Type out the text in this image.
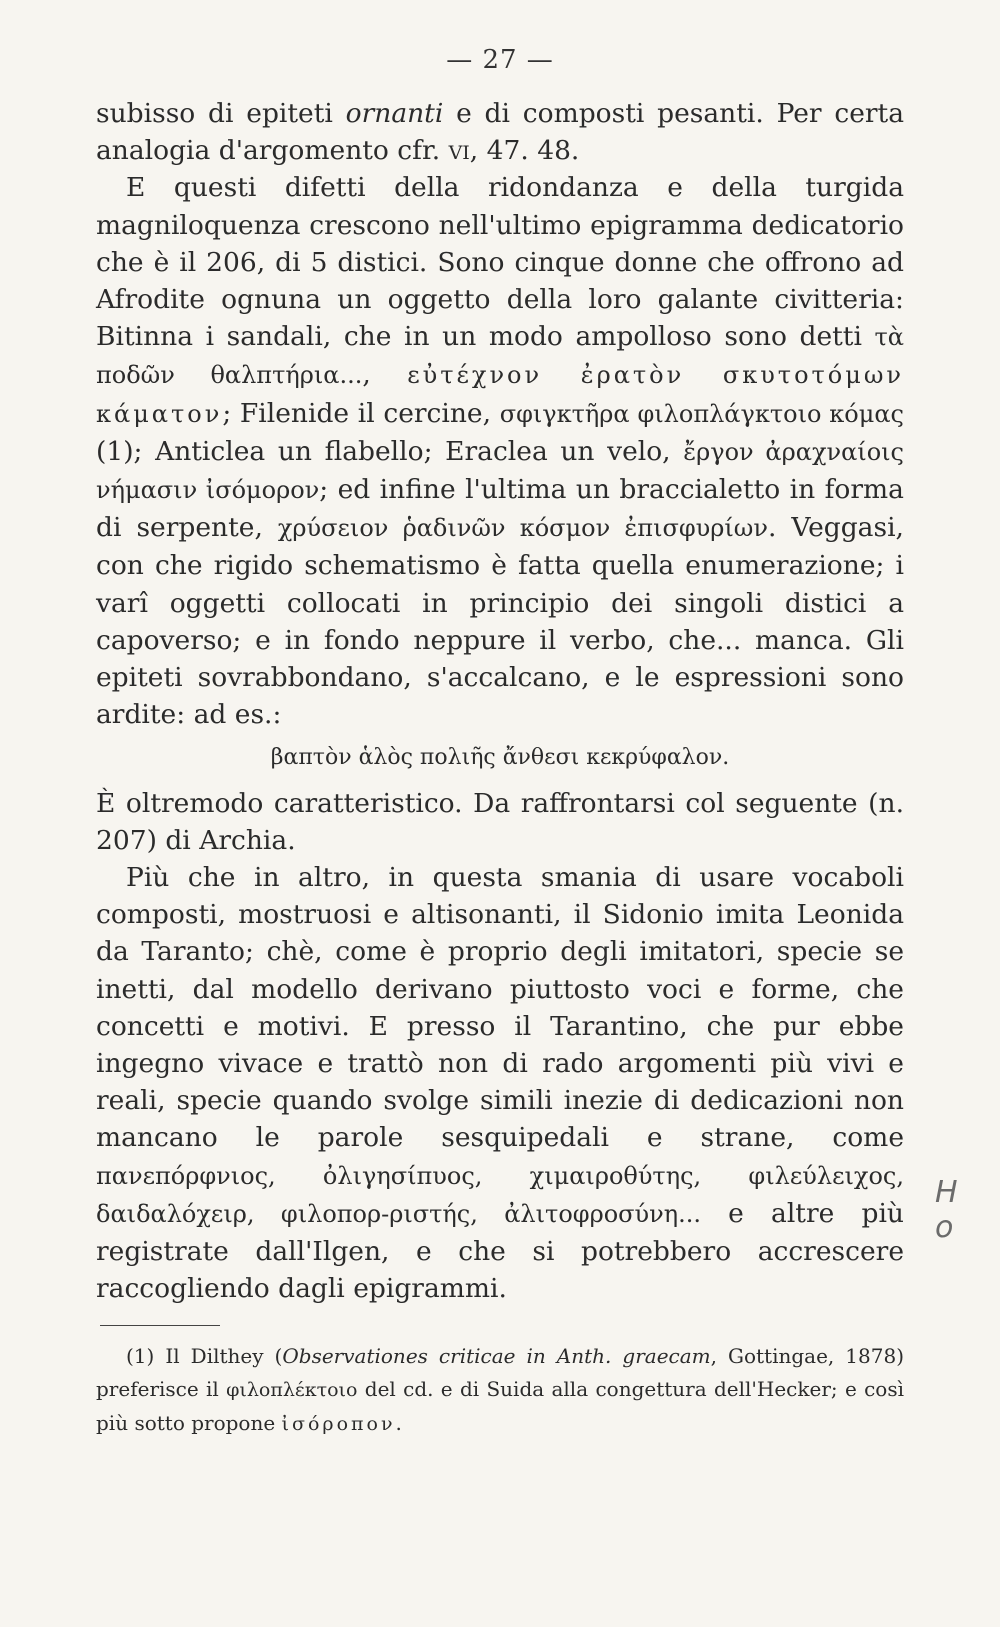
— 27 —

subisso di epiteti ornanti e di composti pesanti. Per certa analogia d'argomento cfr. vi, 47. 48.

E questi difetti della ridondanza e della turgida magniloquenza crescono nell'ultimo epigramma dedicatorio che è il 206, di 5 distici. Sono cinque donne che offrono ad Afrodite ognuna un oggetto della loro galante civitteria: Bitinna i sandali, che in un modo ampolloso sono detti τὰ ποδῶν θαλπτήρια..., εὐτέχνον ἐρατὸν σκυτοτόμων κάματον; Filenide il cercine, σφιγκτῆρα φιλοπλάγκτοιο κόμας (1); Anticlea un flabello; Eraclea un velo, ἔργον ἀραχναίοις νήμασιν ἰσόμορον; ed infine l'ultima un braccialetto in forma di serpente, χρύσειον ῥαδινῶν κόσμον ἐπισφυρίων. Veggasi, con che rigido schematismo è fatta quella enumerazione; i varî oggetti collocati in principio dei singoli distici a capoverso; e in fondo neppure il verbo, che... manca. Gli epiteti sovrabbondano, s'accalcano, e le espressioni sono ardite: ad es.:

βαπτὸν ἁλὸς πολιῆς ἄνθεσι κεκρύφαλον.

È oltremodo caratteristico. Da raffrontarsi col seguente (n. 207) di Archia.

Più che in altro, in questa smania di usare vocaboli composti, mostruosi e altisonanti, il Sidonio imita Leonida da Taranto; chè, come è proprio degli imitatori, specie se inetti, dal modello derivano piuttosto voci e forme, che concetti e motivi. E presso il Tarantino, che pur ebbe ingegno vivace e trattò non di rado argomenti più vivi e reali, specie quando svolge simili inezie di dedicazioni non mancano le parole sesquipedali e strane, come πανεπόρφνιος, ὀλιγησίπυος, χιμαιροθύτης, φιλεύλειχος, δαιδαλόχειρ, φιλοπορ-ριστής, ἀλιτοφροσύνη... e altre più registrate dall'Ilgen, e che si potrebbero accrescere raccogliendo dagli epigrammi.

H o

(1) Il Dilthey (Observationes criticae in Anth. graecam, Gottingae, 1878) preferisce il φιλοπλέκτοιο del cd. e di Suida alla congettura dell'Hecker; e così più sotto propone ἰσόροπον.
